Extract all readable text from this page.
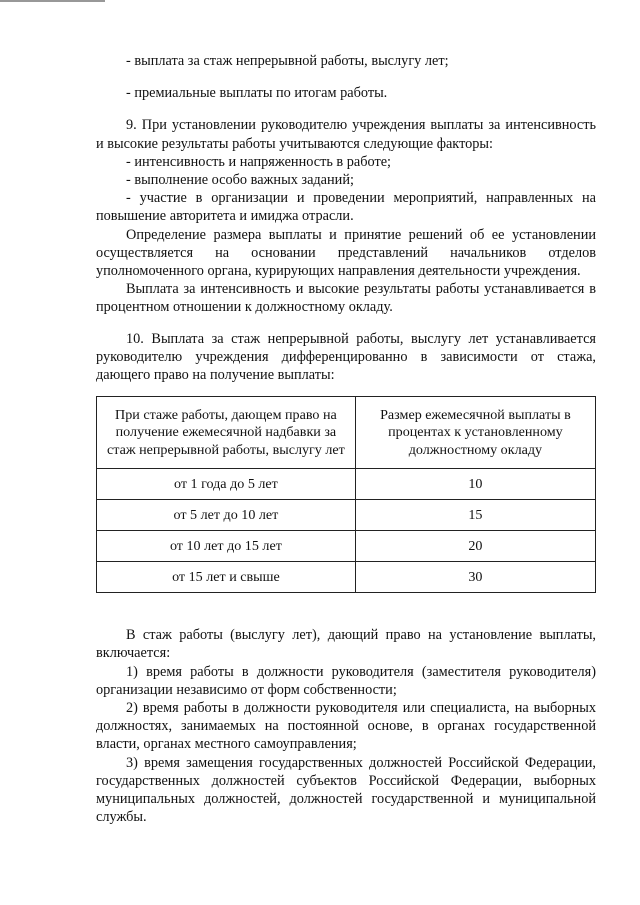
- выплата за стаж непрерывной работы, выслугу лет;

- премиальные выплаты по итогам работы.

9. При установлении руководителю учреждения выплаты за интенсивность и высокие результаты работы учитываются следующие факторы:

- интенсивность и напряженность в работе;

- выполнение особо важных заданий;

- участие в организации и проведении мероприятий, направленных на повышение авторитета и имиджа отрасли.

Определение размера выплаты и принятие решений об ее установлении осуществляется на основании представлений начальников отделов уполномоченного органа, курирующих направления деятельности учреждения.

Выплата за интенсивность и высокие результаты работы устанавливается в процентном отношении к должностному окладу.

10. Выплата за стаж непрерывной работы, выслугу лет устанавливается руководителю учреждения дифференцированно в зависимости от стажа, дающего право на получение выплаты:

При стаже работы, дающем право на получение ежемесячной надбавки за стаж непрерывной работы, выслугу лет	Размер ежемесячной выплаты в процентах к установленному должностному окладу
от 1 года до 5 лет	10
от 5 лет до 10 лет	15
от 10 лет до 15 лет	20
от 15 лет и свыше	30

В стаж работы (выслугу лет), дающий право на установление выплаты, включается:

1) время работы в должности руководителя (заместителя руководителя) организации независимо от форм собственности;

2) время работы в должности руководителя или специалиста, на выборных должностях, занимаемых на постоянной основе, в органах государственной власти, органах местного самоуправления;

3) время замещения государственных должностей Российской Федерации, государственных должностей субъектов Российской Федерации, выборных муниципальных должностей, должностей государственной и муниципальной службы.
